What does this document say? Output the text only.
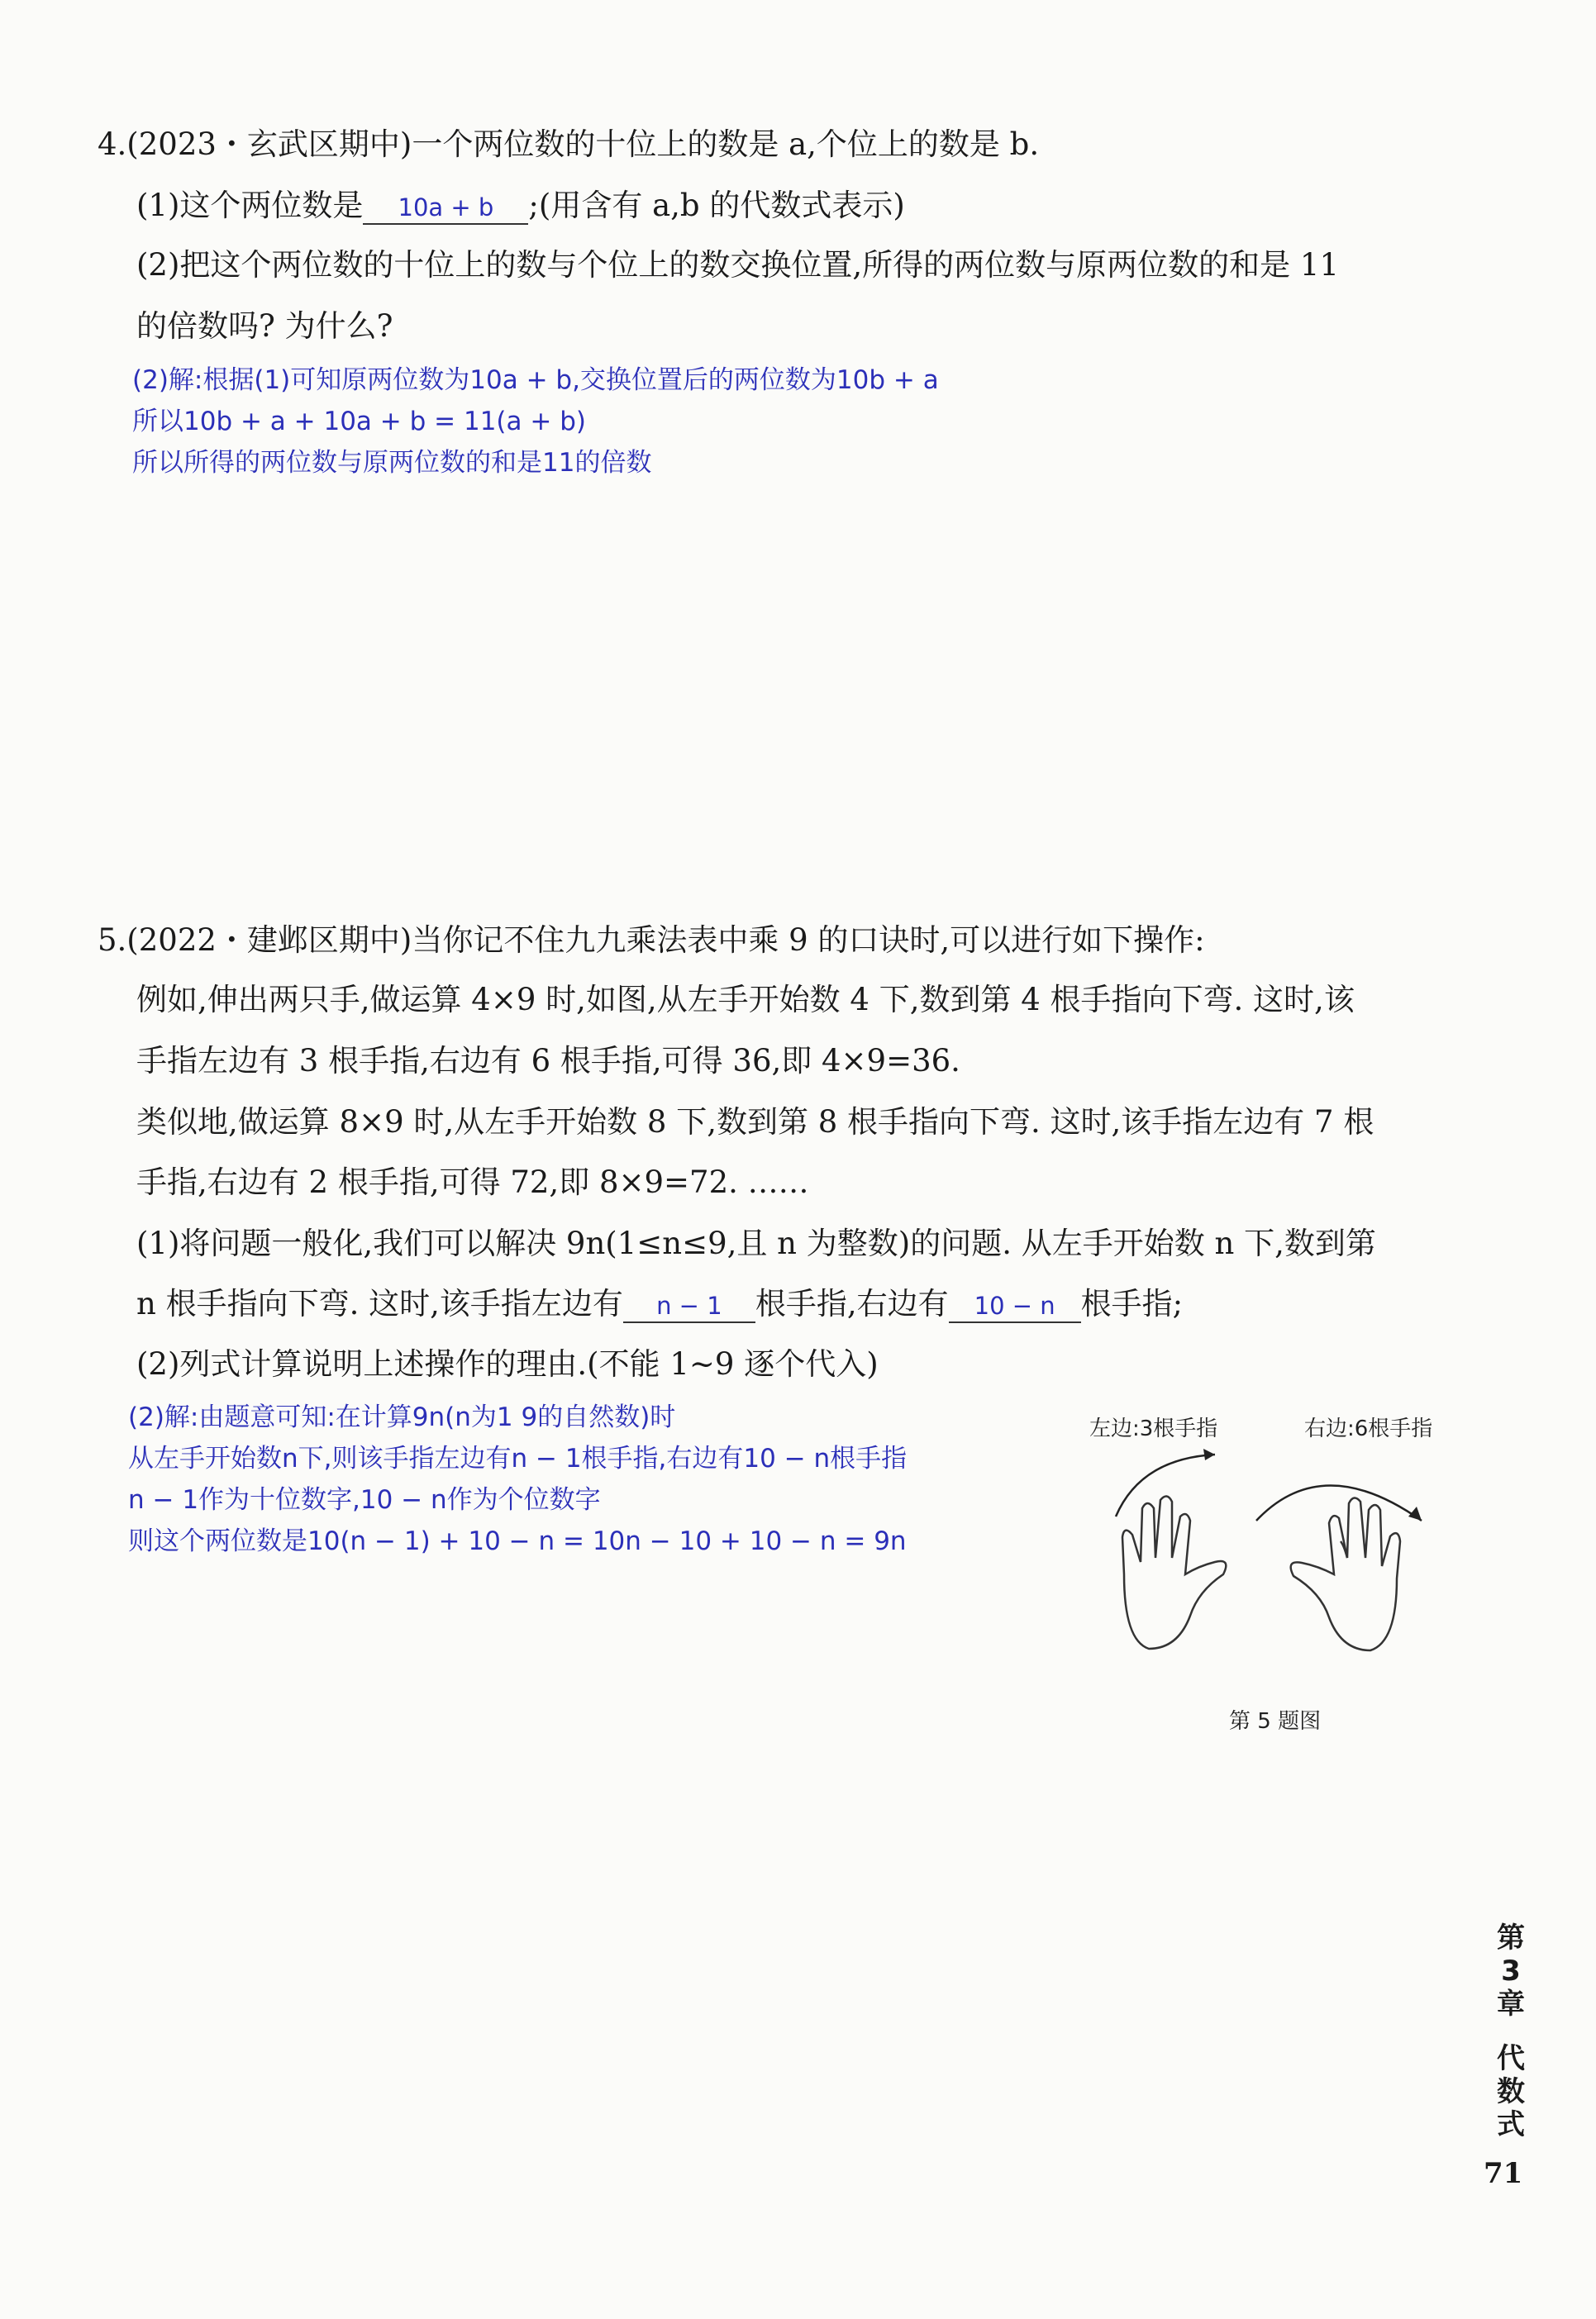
4.(2023・玄武区期中)一个两位数的十位上的数是 a,个位上的数是 b.
(1)这个两位数是 10a + b ;(用含有 a,b 的代数式表示)
(2)把这个两位数的十位上的数与个位上的数交换位置,所得的两位数与原两位数的和是 11
的倍数吗? 为什么?
(2)解:根据(1)可知原两位数为10a + b,交换位置后的两位数为10b + a
所以10b + a + 10a + b = 11(a + b)
所以所得的两位数与原两位数的和是11的倍数
5.(2022・建邺区期中)当你记不住九九乘法表中乘 9 的口诀时,可以进行如下操作:
例如,伸出两只手,做运算 4×9 时,如图,从左手开始数 4 下,数到第 4 根手指向下弯. 这时,该
手指左边有 3 根手指,右边有 6 根手指,可得 36,即 4×9=36.
类似地,做运算 8×9 时,从左手开始数 8 下,数到第 8 根手指向下弯. 这时,该手指左边有 7 根
手指,右边有 2 根手指,可得 72,即 8×9=72. ……
(1)将问题一般化,我们可以解决 9n(1≤n≤9,且 n 为整数)的问题. 从左手开始数 n 下,数到第
n 根手指向下弯. 这时,该手指左边有 n − 1 根手指,右边有 10 − n 根手指;
(2)列式计算说明上述操作的理由.(不能 1~9 逐个代入)
(2)解:由题意可知:在计算9n(n为1 9的自然数)时
从左手开始数n下,则该手指左边有n − 1根手指,右边有10 − n根手指
n − 1作为十位数字,10 − n作为个位数字
则这个两位数是10(n − 1) + 10 − n = 10n − 10 + 10 − n = 9n
左边:3根手指	右边:6根手指
第 5 题图
第
3
章
代
数
式
71
